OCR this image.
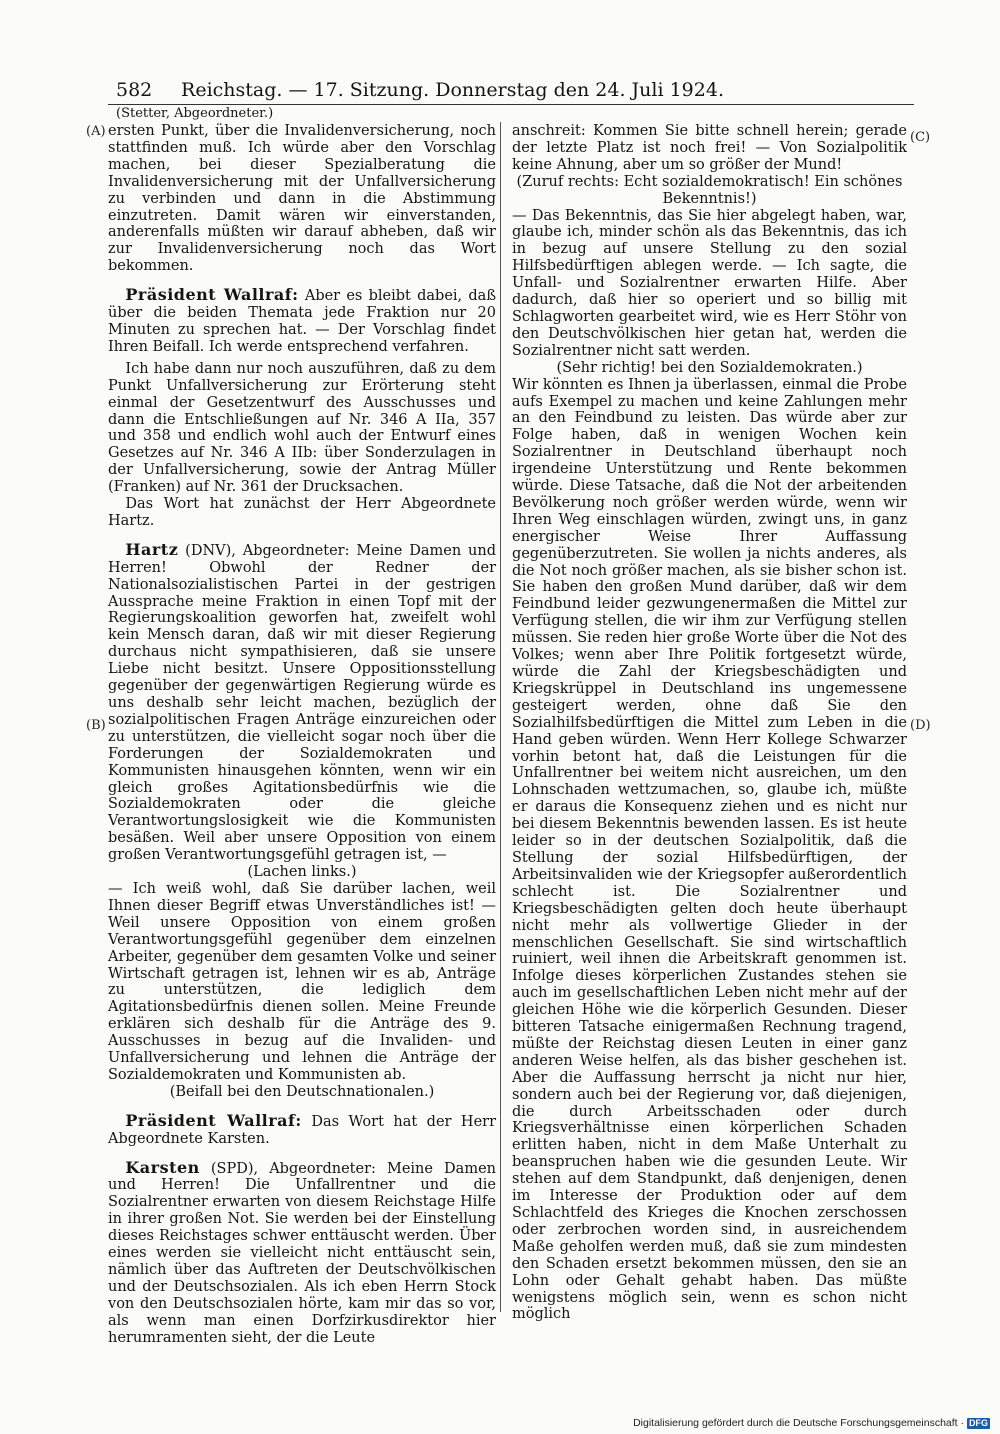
582 Reichstag. — 17. Sitzung. Donnerstag den 24. Juli 1924.
(Stetter, Abgeordneter.)
(A)
(B)
(C)
(D)

ersten Punkt, über die Invalidenversicherung, noch stattfinden muß. Ich würde aber den Vorschlag machen, bei dieser Spezialberatung die Invalidenversicherung mit der Unfallversicherung zu verbinden und dann in die Abstimmung einzutreten. Damit wären wir einverstanden, anderenfalls müßten wir darauf abheben, daß wir zur Invalidenversicherung noch das Wort bekommen.

Präsident Wallraf: Aber es bleibt dabei, daß über die beiden Themata jede Fraktion nur 20 Minuten zu sprechen hat. — Der Vorschlag findet Ihren Beifall. Ich werde entsprechend verfahren.

Ich habe dann nur noch auszuführen, daß zu dem Punkt Unfallversicherung zur Erörterung steht einmal der Gesetzentwurf des Ausschusses und dann die Entschließungen auf Nr. 346 A IIa, 357 und 358 und endlich wohl auch der Entwurf eines Gesetzes auf Nr. 346 A IIb: über Sonderzulagen in der Unfallversicherung, sowie der Antrag Müller (Franken) auf Nr. 361 der Drucksachen.

Das Wort hat zunächst der Herr Abgeordnete Hartz.

Hartz (DNV), Abgeordneter: Meine Damen und Herren! Obwohl der Redner der Nationalsozialistischen Partei in der gestrigen Aussprache meine Fraktion in einen Topf mit der Regierungskoalition geworfen hat, zweifelt wohl kein Mensch daran, daß wir mit dieser Regierung durchaus nicht sympathisieren, daß sie unsere Liebe nicht besitzt. Unsere Oppositionsstellung gegenüber der gegenwärtigen Regierung würde es uns deshalb sehr leicht machen, bezüglich der sozialpolitischen Fragen Anträge einzureichen oder zu unterstützen, die vielleicht sogar noch über die Forderungen der Sozialdemokraten und Kommunisten hinausgehen könnten, wenn wir ein gleich großes Agitationsbedürfnis wie die Sozialdemokraten oder die gleiche Verantwortungslosigkeit wie die Kommunisten besäßen. Weil aber unsere Opposition von einem großen Verantwortungsgefühl getragen ist, —

(Lachen links.)

— Ich weiß wohl, daß Sie darüber lachen, weil Ihnen dieser Begriff etwas Unverständliches ist! — Weil unsere Opposition von einem großen Verantwortungsgefühl gegenüber dem einzelnen Arbeiter, gegenüber dem gesamten Volke und seiner Wirtschaft getragen ist, lehnen wir es ab, Anträge zu unterstützen, die lediglich dem Agitationsbedürfnis dienen sollen. Meine Freunde erklären sich deshalb für die Anträge des 9. Ausschusses in bezug auf die Invaliden- und Unfallversicherung und lehnen die Anträge der Sozialdemokraten und Kommunisten ab.

(Beifall bei den Deutschnationalen.)

Präsident Wallraf: Das Wort hat der Herr Abgeordnete Karsten.

Karsten (SPD), Abgeordneter: Meine Damen und Herren! Die Unfallrentner und die Sozialrentner erwarten von diesem Reichstage Hilfe in ihrer großen Not. Sie werden bei der Einstellung dieses Reichstages schwer enttäuscht werden. Über eines werden sie vielleicht nicht enttäuscht sein, nämlich über das Auftreten der Deutschvölkischen und der Deutschsozialen. Als ich eben Herrn Stock von den Deutschsozialen hörte, kam mir das so vor, als wenn man einen Dorfzirkusdirektor hier herumramenten sieht, der die Leute

anschreit: Kommen Sie bitte schnell herein; gerade der letzte Platz ist noch frei! — Von Sozialpolitik keine Ahnung, aber um so größer der Mund!

(Zuruf rechts: Echt sozialdemokratisch! Ein schönes Bekenntnis!)

— Das Bekenntnis, das Sie hier abgelegt haben, war, glaube ich, minder schön als das Bekenntnis, das ich in bezug auf unsere Stellung zu den sozial Hilfsbedürftigen ablegen werde. — Ich sagte, die Unfall- und Sozialrentner erwarten Hilfe. Aber dadurch, daß hier so operiert und so billig mit Schlagworten gearbeitet wird, wie es Herr Stöhr von den Deutschvölkischen hier getan hat, werden die Sozialrentner nicht satt werden.

(Sehr richtig! bei den Sozialdemokraten.)

Wir könnten es Ihnen ja überlassen, einmal die Probe aufs Exempel zu machen und keine Zahlungen mehr an den Feindbund zu leisten. Das würde aber zur Folge haben, daß in wenigen Wochen kein Sozialrentner in Deutschland überhaupt noch irgendeine Unterstützung und Rente bekommen würde. Diese Tatsache, daß die Not der arbeitenden Bevölkerung noch größer werden würde, wenn wir Ihren Weg einschlagen würden, zwingt uns, in ganz energischer Weise Ihrer Auffassung gegenüberzutreten. Sie wollen ja nichts anderes, als die Not noch größer machen, als sie bisher schon ist. Sie haben den großen Mund darüber, daß wir dem Feindbund leider gezwungenermaßen die Mittel zur Verfügung stellen, die wir ihm zur Verfügung stellen müssen. Sie reden hier große Worte über die Not des Volkes; wenn aber Ihre Politik fortgesetzt würde, würde die Zahl der Kriegsbeschädigten und Kriegskrüppel in Deutschland ins ungemessene gesteigert werden, ohne daß Sie den Sozialhilfsbedürftigen die Mittel zum Leben in die Hand geben würden. Wenn Herr Kollege Schwarzer vorhin betont hat, daß die Leistungen für die Unfallrentner bei weitem nicht ausreichen, um den Lohnschaden wettzumachen, so, glaube ich, müßte er daraus die Konsequenz ziehen und es nicht nur bei diesem Bekenntnis bewenden lassen. Es ist heute leider so in der deutschen Sozialpolitik, daß die Stellung der sozial Hilfsbedürftigen, der Arbeitsinvaliden wie der Kriegsopfer außerordentlich schlecht ist. Die Sozialrentner und Kriegsbeschädigten gelten doch heute überhaupt nicht mehr als vollwertige Glieder in der menschlichen Gesellschaft. Sie sind wirtschaftlich ruiniert, weil ihnen die Arbeitskraft genommen ist. Infolge dieses körperlichen Zustandes stehen sie auch im gesellschaftlichen Leben nicht mehr auf der gleichen Höhe wie die körperlich Gesunden. Dieser bitteren Tatsache einigermaßen Rechnung tragend, müßte der Reichstag diesen Leuten in einer ganz anderen Weise helfen, als das bisher geschehen ist. Aber die Auffassung herrscht ja nicht nur hier, sondern auch bei der Regierung vor, daß diejenigen, die durch Arbeitsschaden oder durch Kriegsverhältnisse einen körperlichen Schaden erlitten haben, nicht in dem Maße Unterhalt zu beanspruchen haben wie die gesunden Leute. Wir stehen auf dem Standpunkt, daß denjenigen, denen im Interesse der Produktion oder auf dem Schlachtfeld des Krieges die Knochen zerschossen oder zerbrochen worden sind, in ausreichendem Maße geholfen werden muß, daß sie zum mindesten den Schaden ersetzt bekommen müssen, den sie an Lohn oder Gehalt gehabt haben. Das müßte wenigstens möglich sein, wenn es schon nicht möglich

Digitalisierung gefördert durch die Deutsche Forschungsgemeinschaft · DFG
